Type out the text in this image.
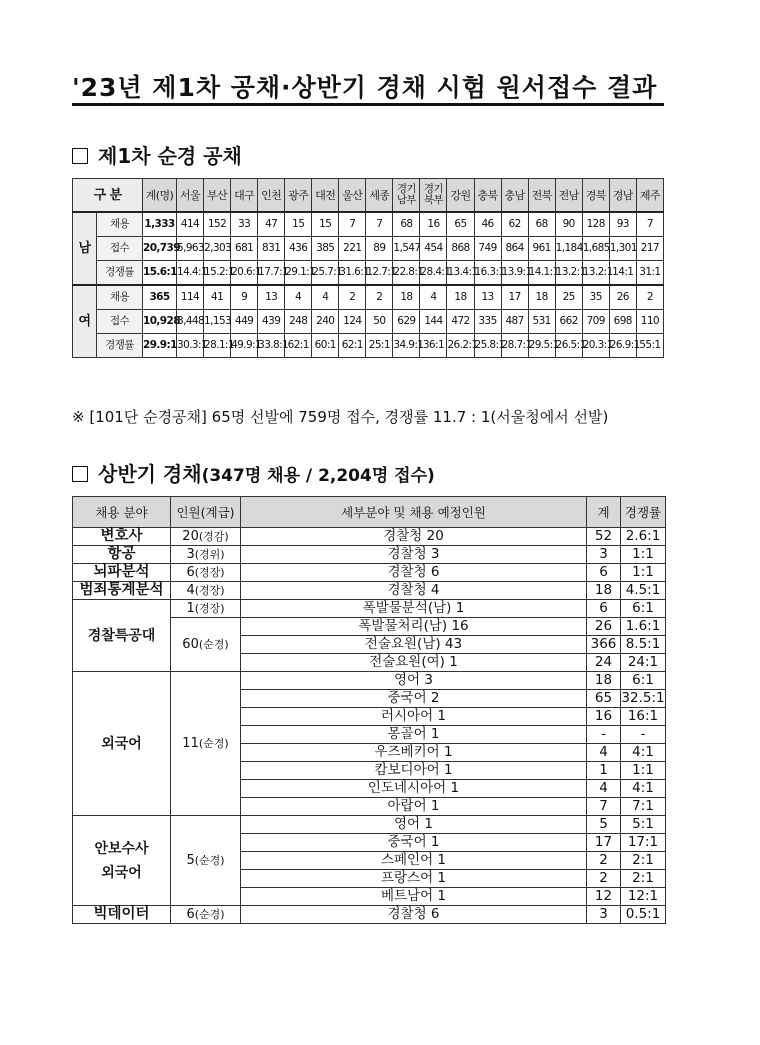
'23년 제1차 공채·상반기 경채 시험 원서접수 결과
제1차 순경 공채
구 분		계(명)	서울	부산	대구	인천	광주	대전	울산	세종	경기남부	경기북부	강원	충북	충남	전북	전남	경북	경남	제주
남	채용	1,333	414	152	33	47	15	15	7	7	68	16	65	46	62	68	90	128	93	7
	접수	20,739	5,963	2,303	681	831	436	385	221	89	1,547	454	868	749	864	961	1,184	1,685	1,301	217
	경쟁률	15.6:1	14.4:1	15.2:1	20.6:1	17.7:1	29.1:1	25.7:1	31.6:1	12.7:1	22.8:1	28.4:1	13.4:1	16.3:1	13.9:1	14.1:1	13.2:1	13.2:1	14:1	31:1
여	채용	365	114	41	9	13	4	4	2	2	18	4	18	13	17	18	25	35	26	2
	접수	10,928	3,448	1,153	449	439	248	240	124	50	629	144	472	335	487	531	662	709	698	110
	경쟁률	29.9:1	30.3:1	28.1:1	49.9:1	33.8:1	62:1	60:1	62:1	25:1	34.9:1	36:1	26.2:1	25.8:1	28.7:1	29.5:1	26.5:1	20.3:1	26.9:1	55:1
※ [101단 순경공채] 65명 선발에 759명 접수, 경쟁률 11.7 : 1(서울청에서 선발)
상반기 경채(347명 채용 / 2,204명 접수)
채용 분야	인원(계급)	세부분야 및 채용 예정인원	계	경쟁률
변호사	20(경감)	경찰청 20	52	2.6:1
항공	3(경위)	경찰청 3	3	1:1
뇌파분석	6(경장)	경찰청 6	6	1:1
범죄통계분석	4(경장)	경찰청 4	18	4.5:1
경찰특공대	1(경장)	폭발물분석(남) 1	6	6:1
	60(순경)	폭발물처리(남) 16	26	1.6:1
		전술요원(남) 43	366	8.5:1
		전술요원(여) 1	24	24:1
외국어	11(순경)	영어 3	18	6:1
		중국어 2	65	32.5:1
		러시아어 1	16	16:1
		몽골어 1	-	-
		우즈베키어 1	4	4:1
		캄보디아어 1	1	1:1
		인도네시아어 1	4	4:1
		아랍어 1	7	7:1
안보수사
외국어	5(순경)	영어 1	5	5:1
		중국어 1	17	17:1
		스페인어 1	2	2:1
		프랑스어 1	2	2:1
		베트남어 1	12	12:1
빅데이터	6(순경)	경찰청 6	3	0.5:1
